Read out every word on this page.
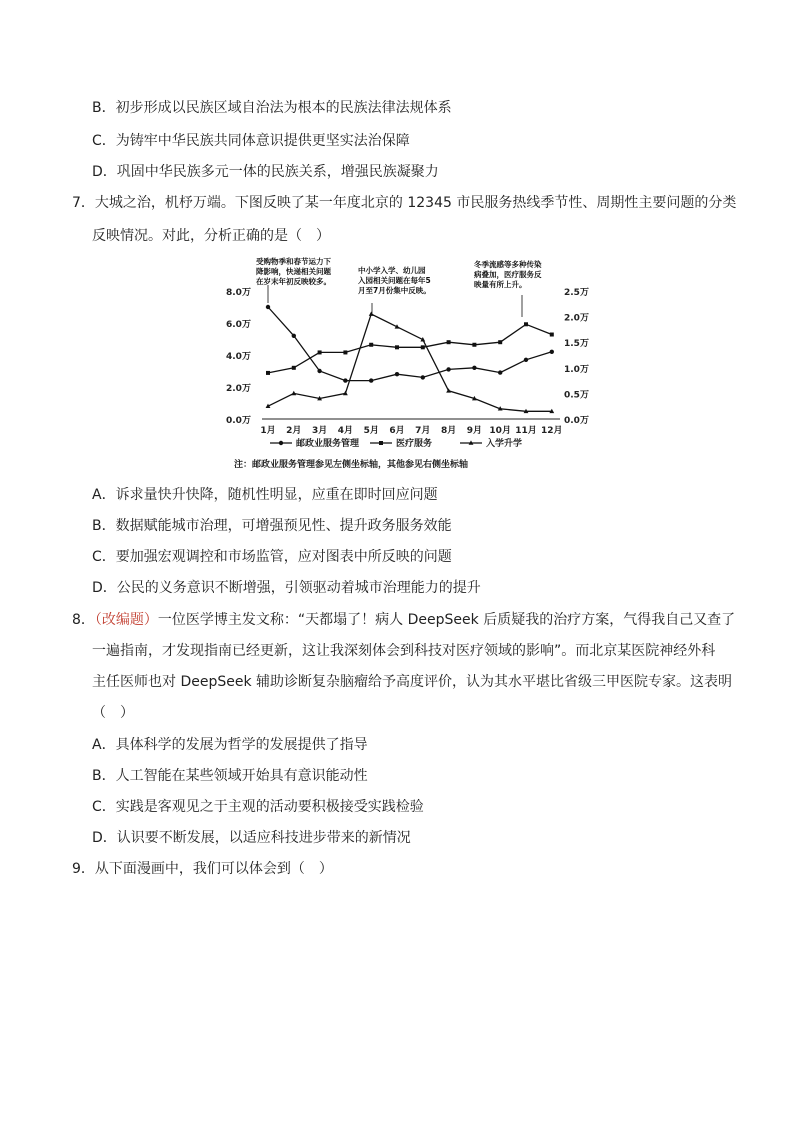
B．初步形成以民族区域自治法为根本的民族法律法规体系
C．为铸牢中华民族共同体意识提供更坚实法治保障
D．巩固中华民族多元一体的民族关系，增强民族凝聚力
7．大城之治，机杼万端。下图反映了某一年度北京的 12345 市民服务热线季节性、周期性主要问题的分类
反映情况。对此，分析正确的是（　）
受购物季和春节运力下
降影响，快递相关问题
在岁末年初反映较多。
中小学入学、幼儿园
入园相关问题在每年5
月至7月份集中反映。
冬季流感等多种传染
病叠加，医疗服务反
映量有所上升。
8.0万
6.0万
4.0万
2.0万
0.0万
2.5万
2.0万
1.5万
1.0万
0.5万
0.0万
1月 2月 3月 4月 5月 6月 7月 8月 9月 10月 11月 12月
邮政业服务管理	医疗服务	入学升学
注：邮政业服务管理参见左侧坐标轴，其他参见右侧坐标轴
A．诉求量快升快降，随机性明显，应重在即时回应问题
B．数据赋能城市治理，可增强预见性、提升政务服务效能
C．要加强宏观调控和市场监管，应对图表中所反映的问题
D．公民的义务意识不断增强，引领驱动着城市治理能力的提升
8．（改编题）一位医学博主发文称：“天都塌了！病人 DeepSeek 后质疑我的治疗方案，气得我自己又查了
一遍指南，才发现指南已经更新，这让我深刻体会到科技对医疗领域的影响”。而北京某医院神经外科
主任医师也对 DeepSeek 辅助诊断复杂脑瘤给予高度评价，认为其水平堪比省级三甲医院专家。这表明
（　）
A．具体科学的发展为哲学的发展提供了指导
B．人工智能在某些领域开始具有意识能动性
C．实践是客观见之于主观的活动要积极接受实践检验
D．认识要不断发展，以适应科技进步带来的新情况
9．从下面漫画中，我们可以体会到（　）
